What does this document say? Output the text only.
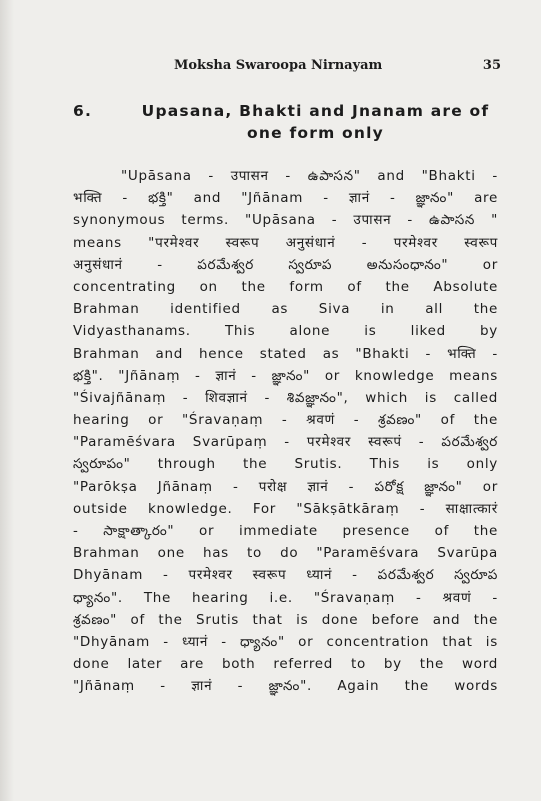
Moksha Swaroopa Nirnayam	35
6.	Upasana, Bhakti and Jnanam are of one form only
"Upāsana - उपासन - ఉపాసన" and "Bhakti -
भक्ति - భక్తి" and "Jñānam - ज्ञानं - జ్ఞానం" are
synonymous terms. "Upāsana - उपासन - ఉపాసన "
means "परमेश्वर स्वरूप अनुसंधानं - परमेश्वर स्वरूप
अनुसंधानं - పరమేశ్వర స్వరూప అనుసంధానం" or
concentrating on the form of the Absolute
Brahman identified as Siva in all the
Vidyasthanams. This alone is liked by
Brahman and hence stated as "Bhakti - भक्ति -
భక్తి". "Jñānaṃ - ज्ञानं - జ్ఞానం" or knowledge means
"Śivajñānaṃ - शिवज्ञानं - శివజ్ఞానం", which is called
hearing or "Śravaṇaṃ - श्रवणं - శ్రవణం" of the
"Paramēśvara Svarūpaṃ - परमेश्वर स्वरूपं - పరమేశ్వర
స్వరూపం" through the Srutis. This is only
"Parōkṣa Jñānaṃ - परोक्ष ज्ञानं - పరోక్ష జ్ఞానం" or
outside knowledge. For "Sākṣātkāraṃ - साक्षात्कारं
- సాక్షాత్కారం" or immediate presence of the
Brahman one has to do "Paramēśvara Svarūpa
Dhyānam - परमेश्वर स्वरूप ध्यानं - పరమేశ్వర స్వరూప
ధ్యానం". The hearing i.e. "Śravaṇaṃ - श्रवणं -
శ్రవణం" of the Srutis that is done before and the
"Dhyānam - ध्यानं - ధ్యానం" or concentration that is
done later are both referred to by the word
"Jñānaṃ - ज्ञानं - జ్ఞానం". Again the words
